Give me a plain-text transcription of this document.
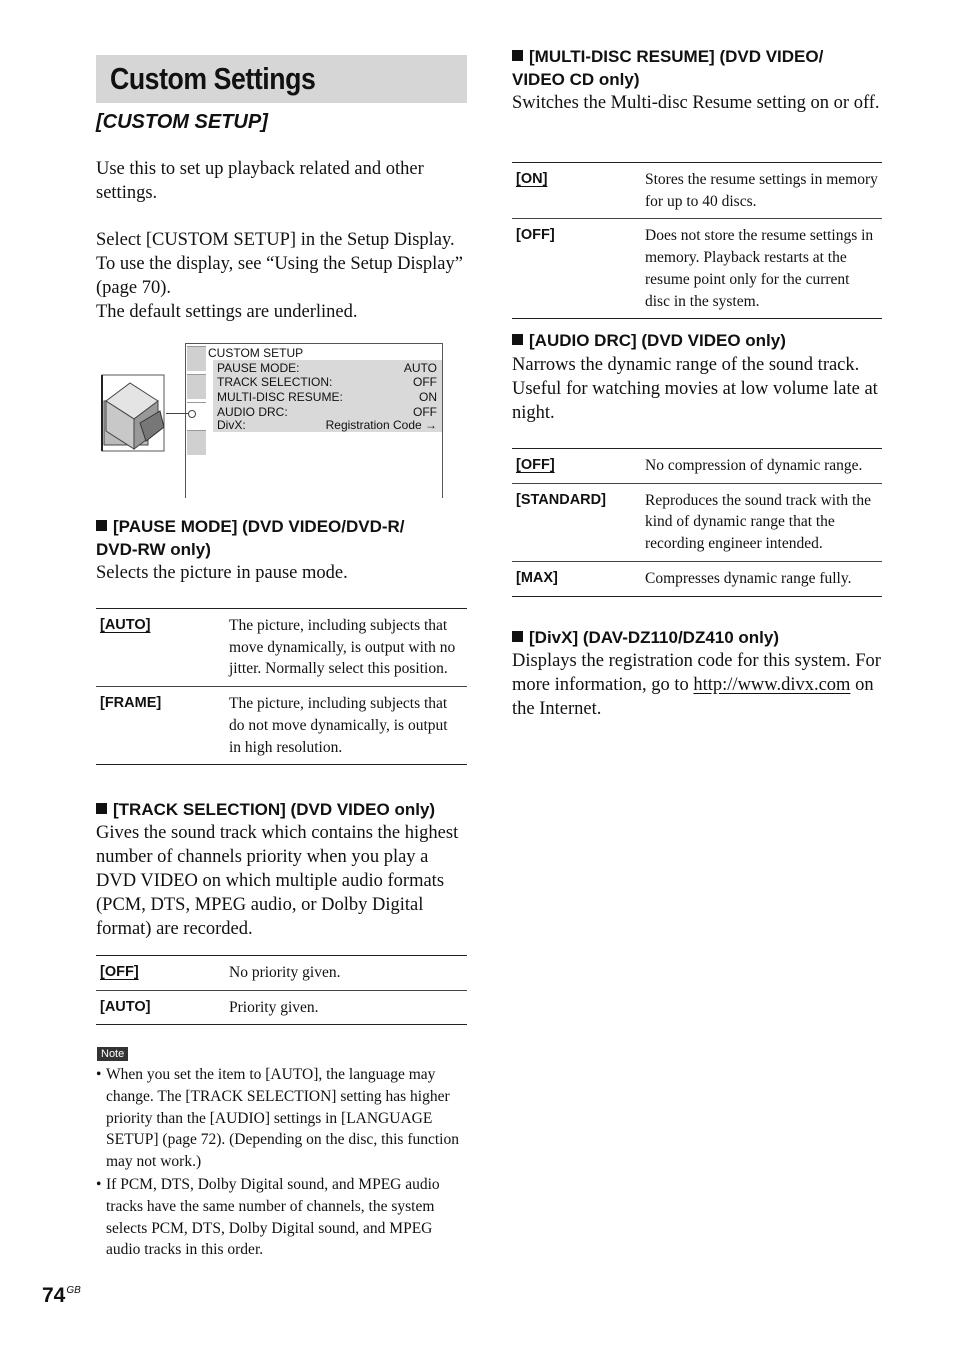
Custom Settings
[CUSTOM SETUP]
Use this to set up playback related and other settings.
Select [CUSTOM SETUP] in the Setup Display.
To use the display, see “Using the Setup Display” (page 70).
The default settings are underlined.
CUSTOM SETUP
PAUSE MODE:	AUTO
TRACK SELECTION:	OFF
MULTI-DISC RESUME:	ON
AUDIO DRC:	OFF
DivX:	Registration Code →
[PAUSE MODE] (DVD VIDEO/DVD-R/
DVD-RW only)
Selects the picture in pause mode.
[AUTO]	The picture, including subjects that move dynamically, is output with no jitter. Normally select this position.
[FRAME]	The picture, including subjects that do not move dynamically, is output in high resolution.
[TRACK SELECTION] (DVD VIDEO only)
Gives the sound track which contains the highest number of channels priority when you play a DVD VIDEO on which multiple audio formats (PCM, DTS, MPEG audio, or Dolby Digital format) are recorded.
[OFF]	No priority given.
[AUTO]	Priority given.
Note
• When you set the item to [AUTO], the language may change. The [TRACK SELECTION] setting has higher priority than the [AUDIO] settings in [LANGUAGE SETUP] (page 72). (Depending on the disc, this function may not work.)
• If PCM, DTS, Dolby Digital sound, and MPEG audio tracks have the same number of channels, the system selects PCM, DTS, Dolby Digital sound, and MPEG audio tracks in this order.
$74^{GB}$
[MULTI-DISC RESUME] (DVD VIDEO/
VIDEO CD only)
Switches the Multi-disc Resume setting on or off.
[ON]	Stores the resume settings in memory for up to 40 discs.
[OFF]	Does not store the resume settings in memory. Playback restarts at the resume point only for the current disc in the system.
[AUDIO DRC] (DVD VIDEO only)
Narrows the dynamic range of the sound track. Useful for watching movies at low volume late at night.
[OFF]	No compression of dynamic range.
[STANDARD]	Reproduces the sound track with the kind of dynamic range that the recording engineer intended.
[MAX]	Compresses dynamic range fully.
[DivX] (DAV-DZ110/DZ410 only)
Displays the registration code for this system. For more information, go to http://www.divx.com on the Internet.
